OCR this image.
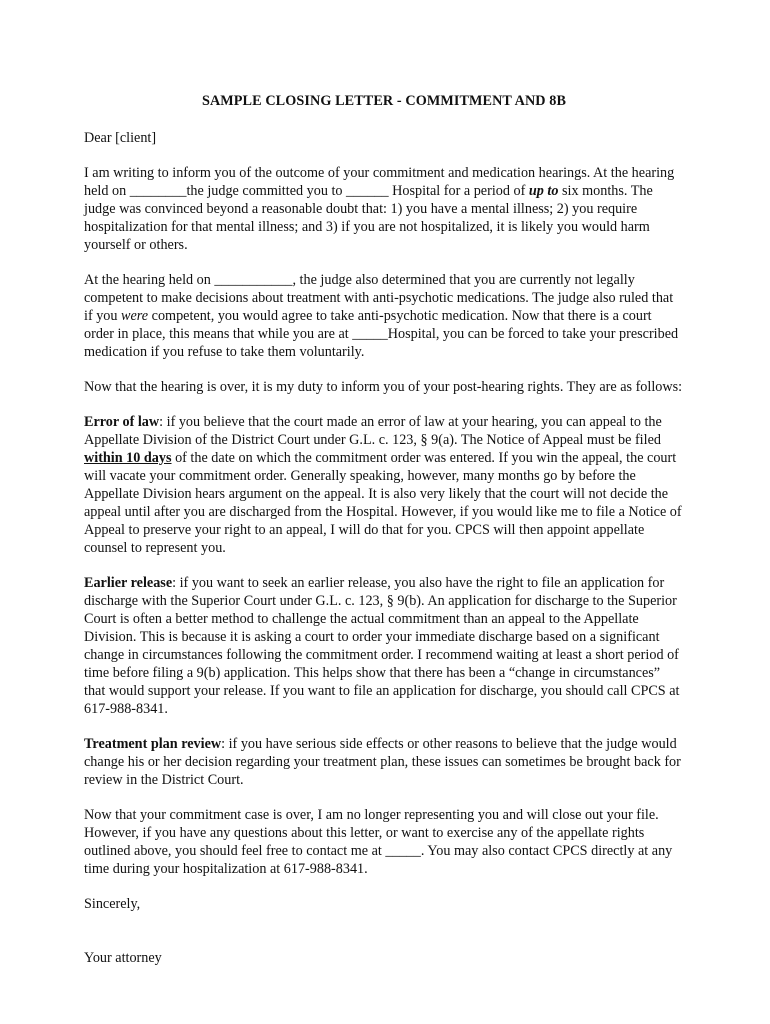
SAMPLE CLOSING LETTER - COMMITMENT AND 8B

Dear [client]

I am writing to inform you of the outcome of your commitment and medication hearings. At the hearing held on ________the judge committed you to ______ Hospital for a period of up to six months. The judge was convinced beyond a reasonable doubt that: 1) you have a mental illness; 2) you require hospitalization for that mental illness; and 3) if you are not hospitalized, it is likely you would harm yourself or others.

At the hearing held on ___________, the judge also determined that you are currently not legally competent to make decisions about treatment with anti-psychotic medications. The judge also ruled that if you were competent, you would agree to take anti-psychotic medication. Now that there is a court order in place, this means that while you are at _____Hospital, you can be forced to take your prescribed medication if you refuse to take them voluntarily.

Now that the hearing is over, it is my duty to inform you of your post-hearing rights. They are as follows:

Error of law: if you believe that the court made an error of law at your hearing, you can appeal to the Appellate Division of the District Court under G.L. c. 123, § 9(a). The Notice of Appeal must be filed within 10 days of the date on which the commitment order was entered. If you win the appeal, the court will vacate your commitment order. Generally speaking, however, many months go by before the Appellate Division hears argument on the appeal. It is also very likely that the court will not decide the appeal until after you are discharged from the Hospital. However, if you would like me to file a Notice of Appeal to preserve your right to an appeal, I will do that for you. CPCS will then appoint appellate counsel to represent you.

Earlier release: if you want to seek an earlier release, you also have the right to file an application for discharge with the Superior Court under G.L. c. 123, § 9(b). An application for discharge to the Superior Court is often a better method to challenge the actual commitment than an appeal to the Appellate Division. This is because it is asking a court to order your immediate discharge based on a significant change in circumstances following the commitment order. I recommend waiting at least a short period of time before filing a 9(b) application. This helps show that there has been a “change in circumstances” that would support your release. If you want to file an application for discharge, you should call CPCS at 617-988-8341.

Treatment plan review: if you have serious side effects or other reasons to believe that the judge would change his or her decision regarding your treatment plan, these issues can sometimes be brought back for review in the District Court.

Now that your commitment case is over, I am no longer representing you and will close out your file. However, if you have any questions about this letter, or want to exercise any of the appellate rights outlined above, you should feel free to contact me at _____. You may also contact CPCS directly at any time during your hospitalization at 617-988-8341.

Sincerely,

Your attorney
